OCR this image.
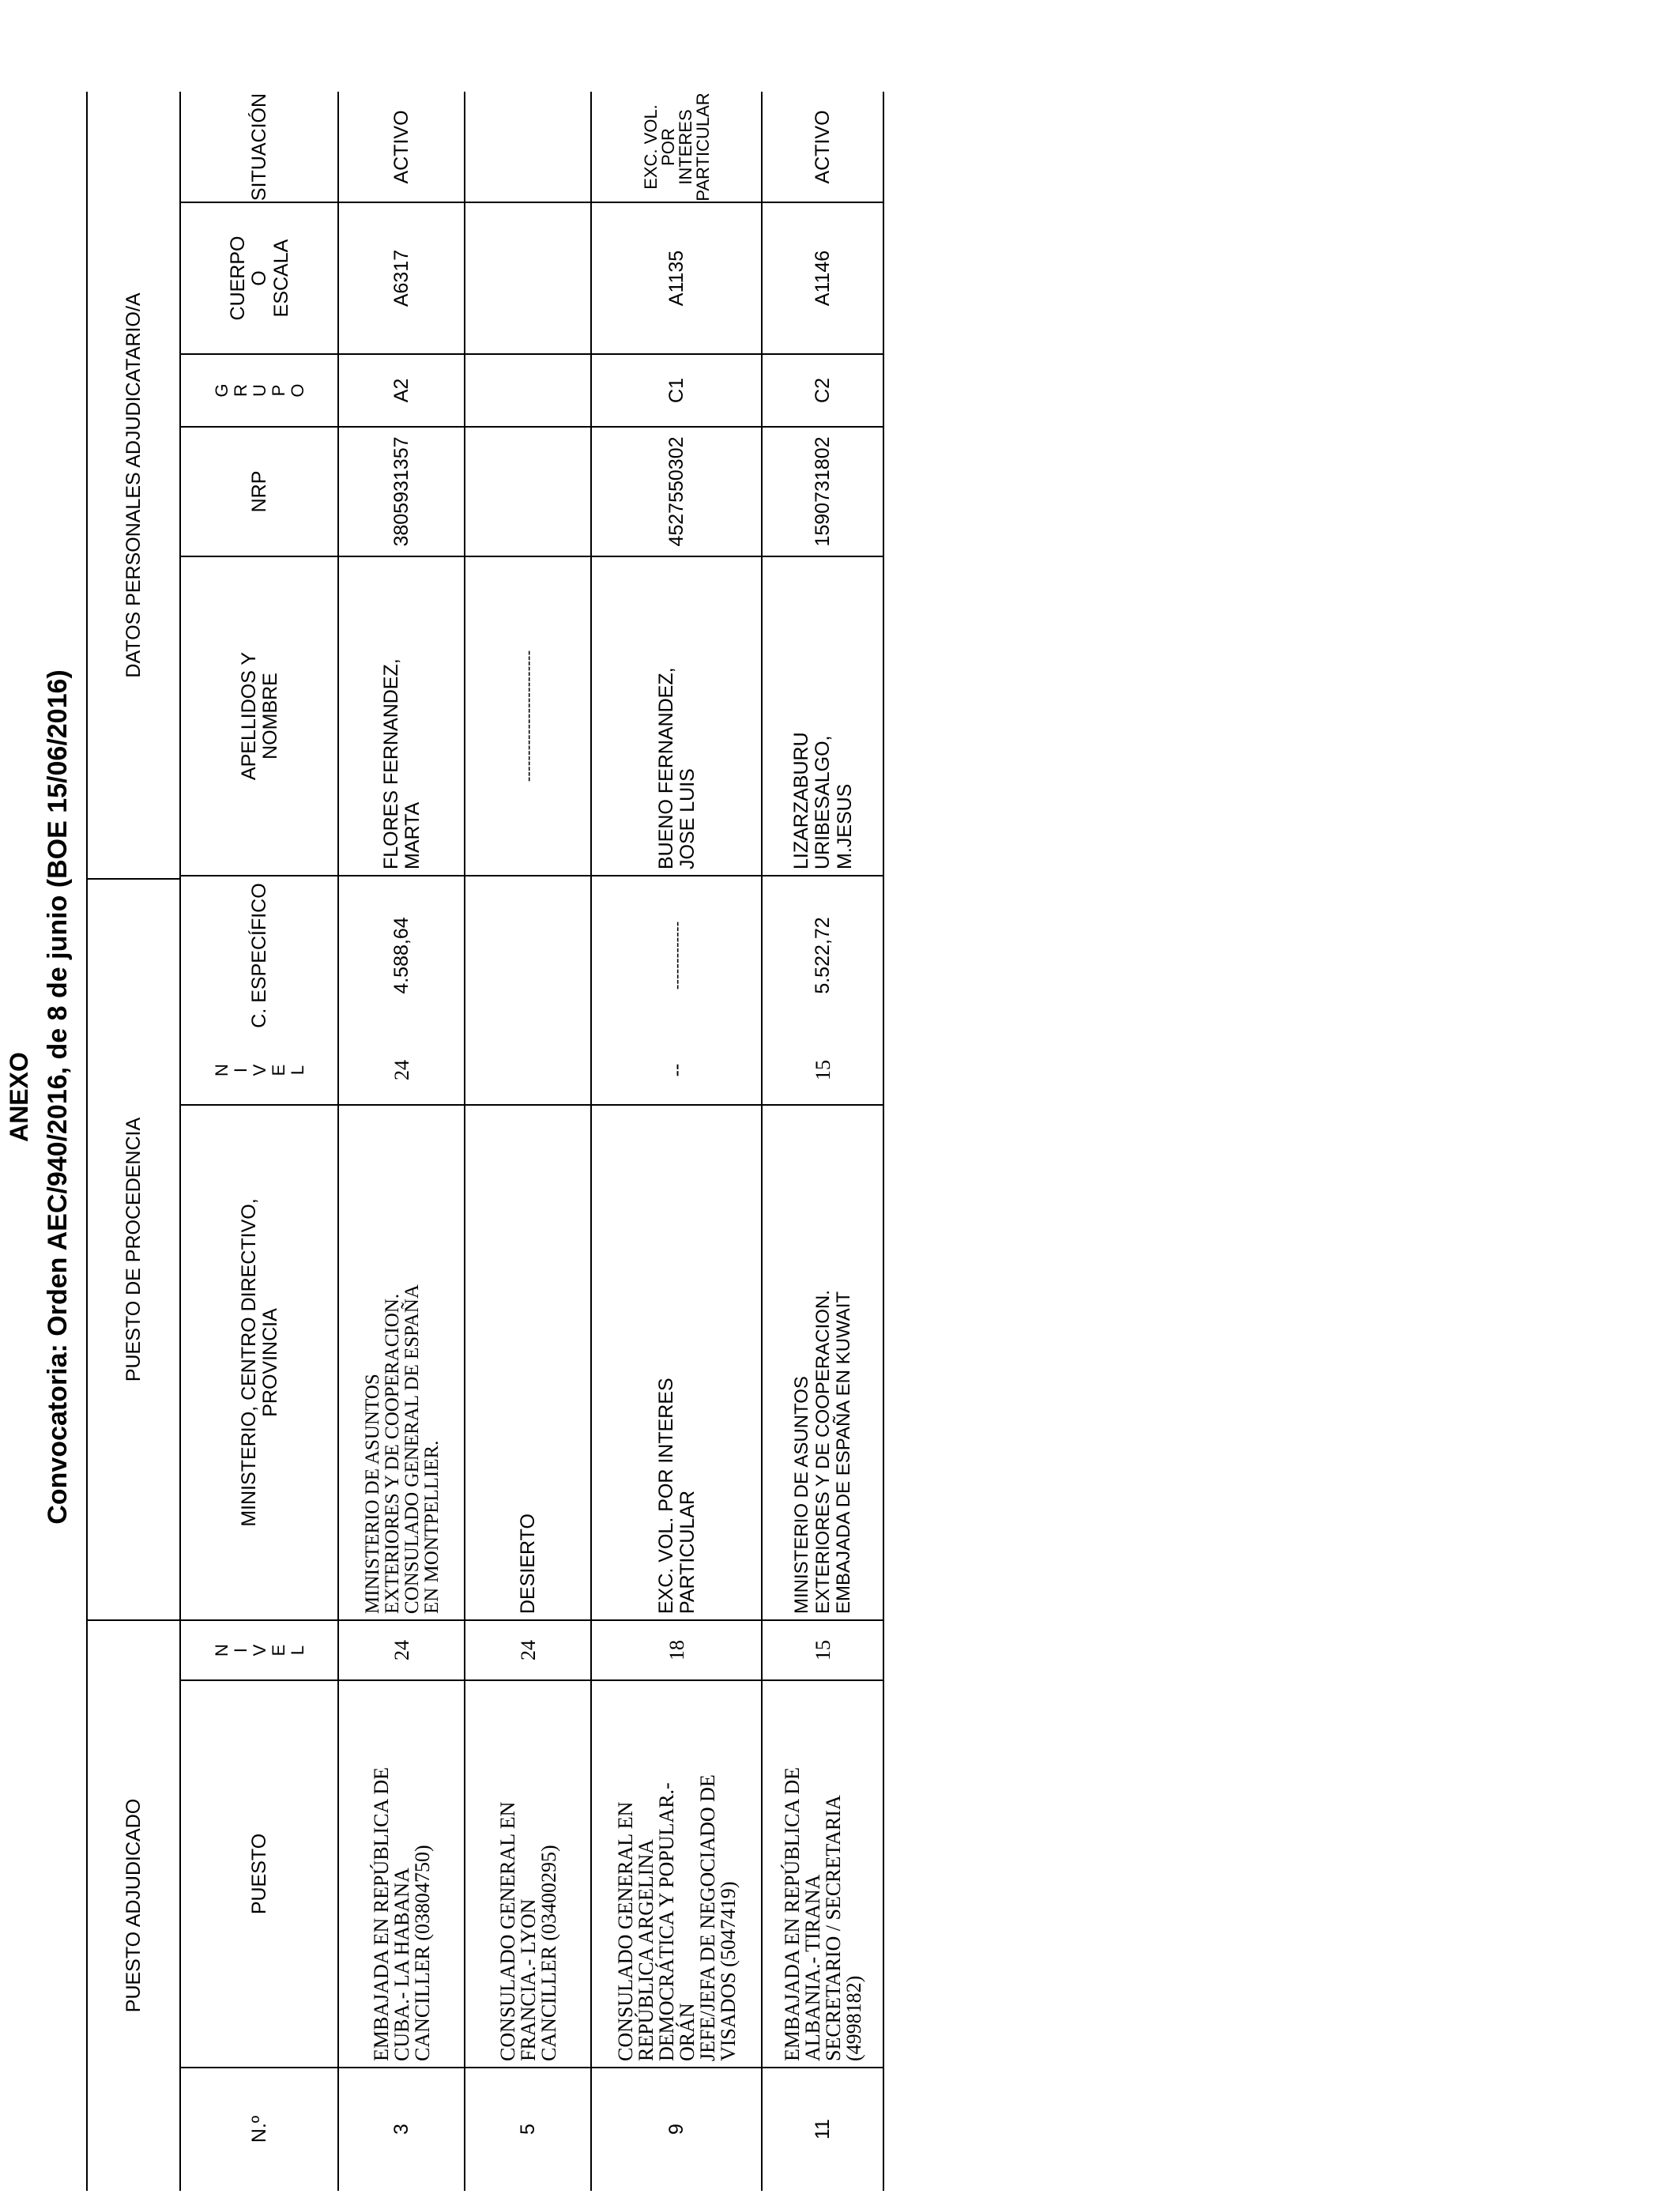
ANEXO Convocatoria: Orden AEC/940/2016, de 8 de junio (BOE 15/06/2016)
PUESTO ADJUDICADO
PUESTO DE PROCEDENCIA
DATOS PERSONALES ADJUDICATARIO/A
N.º
PUESTO
N
I
V
E
L
MINISTERIO, CENTRO DIRECTIVO,
PROVINCIA
N
I
V
E
L
C. ESPECÍFICO
APELLIDOS Y
NOMBRE
NRP
G
R
U
P
O
CUERPO
O
ESCALA
SITUACIÓN
3
EMBAJADA EN REPÚBLICA DE
CUBA.- LA HABANA
CANCILLER (03804750)
24
MINISTERIO DE ASUNTOS
EXTERIORES Y DE COOPERACION.
CONSULADO GENERAL DE ESPAÑA
EN MONTPELLIER.
24
4.588,64
FLORES FERNANDEZ,
MARTA
3805931357
A2
A6317
ACTIVO
5
CONSULADO GENERAL EN
FRANCIA.- LYON
CANCILLER (03400295)
24
DESIERTO
-------------------------
9
CONSULADO GENERAL EN
REPÚBLICA ARGELINA
DEMOCRÁTICA Y POPULAR.-
ORÁN
JEFE/JEFA DE NEGOCIADO DE
VISADOS (5047419)
18
EXC. VOL. POR INTERES
PARTICULAR
--
-------------
BUENO FERNANDEZ,
JOSE LUIS
4527550302
C1
A1135
EXC. VOL.
POR INTERES
PARTICULAR
11
EMBAJADA EN REPÚBLICA DE
ALBANIA.- TIRANA
SECRETARIO / SECRETARIA
(4998182)
15
MINISTERIO DE ASUNTOS
EXTERIORES Y DE COOPERACION.
EMBAJADA DE ESPAÑA EN KUWAIT
15
5.522,72
LIZARZABURU
URIBESALGO,
M.JESUS
1590731802
C2
A1146
ACTIVO
